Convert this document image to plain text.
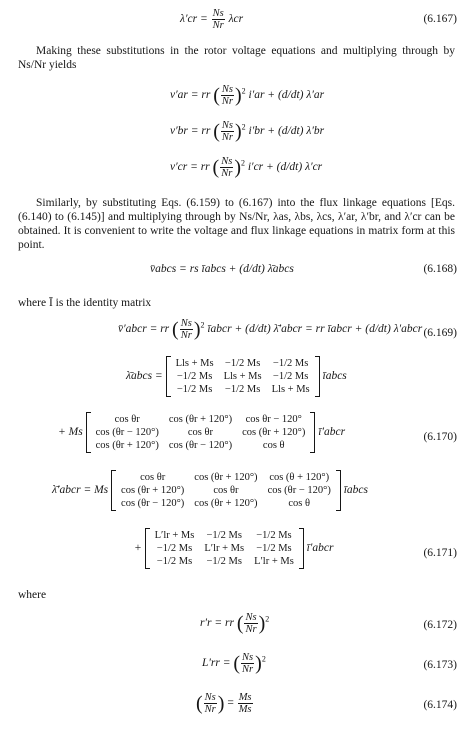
$\lambda'cr = \frac{Ns}{Nr}$ λcr	(6.167)
Making these substitutions in the rotor voltage equations and multiplying through by Ns/Nr yields
v′ar = rr ( $\frac{Ns}{Nr} )^2$ i′ar + (d/dt) λ′ar
v′br = rr ( $\frac{Ns}{Nr} )^2$ i′br + (d/dt) λ′br
v′cr = rr ( $\frac{Ns}{Nr} )^2$ i′cr + (d/dt) λ′cr
Similarly, by substituting Eqs. (6.159) to (6.167) into the flux linkage equations [Eqs. (6.140) to (6.145)] and multiplying through by Ns/Nr, λas, λbs, λcs, λ′ar, λ′br, and λ′cr can be obtained. It is convenient to write the voltage and flux linkage equations in matrix form at this point.
v̄abcs = rs īabcs + (d/dt) λ̄abcs	(6.168)
where Ī is the identity matrix
v̄′abcr = rr ( $\frac{Ns}{Nr} )^2$ īabcr + (d/dt) λ̄′abcr = rr īabcr + (d/dt) λ′abcr (6.169)
λ̄abcs =
Lls + Ms	−1/2 Ms	−1/2 Ms
−1/2 Ms	Lls + Ms	−1/2 Ms
−1/2 Ms	−1/2 Ms	Lls + Ms
īabcs
+ Ms
cos θr	cos (θr + 120°)	cos θr − 120°
cos (θr − 120°)	cos θr	cos (θr + 120°)
cos (θr + 120°)	cos (θr − 120°)	cos θ
ī′abcr	(6.170)
λ̄′abcr = Ms
cos θr	cos (θr + 120°)	cos (θ + 120°)
cos (θr + 120°)	cos θr	cos (θr − 120°)
cos (θr − 120°)	cos (θr + 120°)	cos θ
īabcs
+
L′lr + Ms	−1/2 Ms	−1/2 Ms
−1/2 Ms	L′lr + Ms	−1/2 Ms
−1/2 Ms	−1/2 Ms	L′lr + Ms
ī′abcr	(6.171)
where
r′r = rr ( $\frac{Ns}{Nr} )^2$
(6.172)
L′rr = ( $\frac{Ns}{Nr} )^2$
(6.173)
( $\frac{Ns}{Nr}$ ) = $\frac{Ms}{Ms}$	(6.174)
